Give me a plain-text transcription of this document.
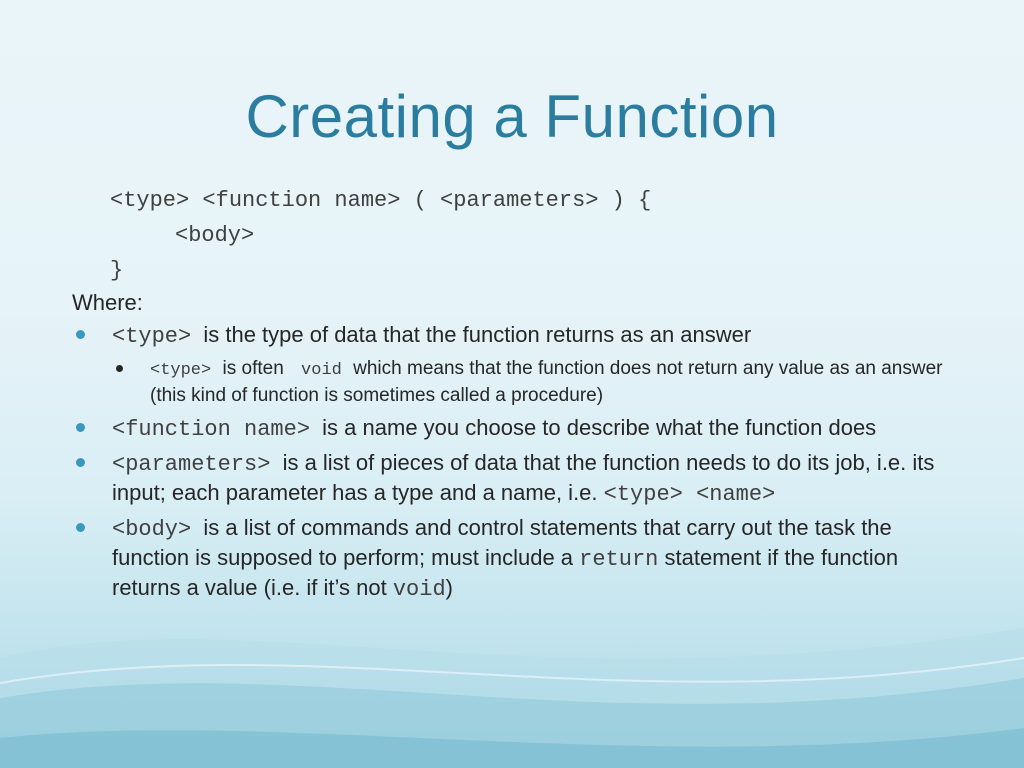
Creating a Function
<type> <function name> ( <parameters> ) {
<body>
}
Where:
<type> is the type of data that the function returns as an answer
<type> is often void which means that the function does not return any value as an answer (this kind of function is sometimes called a procedure)
<function name> is a name you choose to describe what the function does
<parameters> is a list of pieces of data that the function needs to do its job, i.e. its input; each parameter has a type and a name, i.e. <type> <name>
<body> is a list of commands and control statements that carry out the task the function is supposed to perform; must include a return statement if the function returns a value (i.e. if it’s not void)
